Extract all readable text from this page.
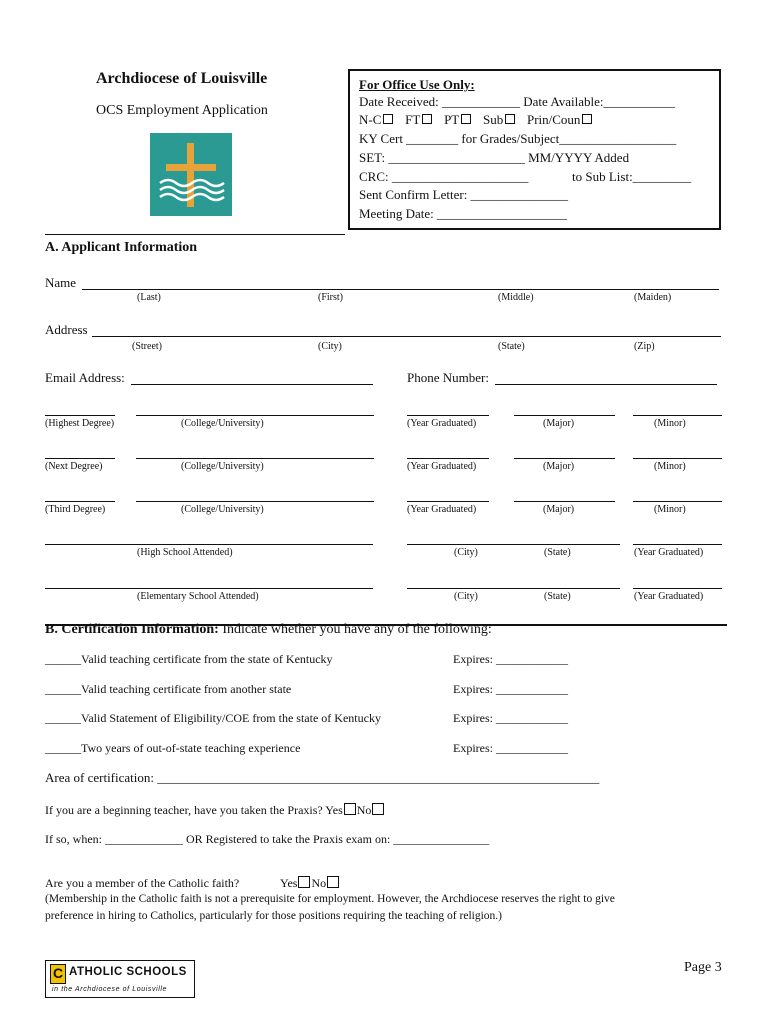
Archdiocese of Louisville
OCS Employment Application
For Office Use Only:
Date Received: ____________ Date Available:___________
N-C FT PT Sub Prin/Coun
KY Cert ________ for Grades/Subject__________________
SET: _____________________ MM/YYYY Added
CRC: _____________________	to Sub List:_________
Sent Confirm Letter: _______________
Meeting Date: ____________________
A. Applicant Information
Name
(Last)	(First)	(Middle)	(Maiden)
Address
(Street)	(City)	(State)	(Zip)
Email Address:	Phone Number:
(Highest Degree)	(College/University)	(Year Graduated)	(Major)	(Minor)
(Next Degree)	(College/University)	(Year Graduated)	(Major)	(Minor)
(Third Degree)	(College/University)	(Year Graduated)	(Major)	(Minor)
(High School Attended)	(City)	(State)	(Year Graduated)
(Elementary School Attended)	(City)	(State)	(Year Graduated)
B. Certification Information: Indicate whether you have any of the following:
______Valid teaching certificate from the state of Kentucky	Expires: ____________
______Valid teaching certificate from another state	Expires: ____________
______Valid Statement of Eligibility/COE from the state of Kentucky	Expires: ____________
______Two years of out-of-state teaching experience	Expires: ____________
Area of certification: ____________________________________________________________________
If you are a beginning teacher, have you taken the Praxis? Yes No
If so, when: _____________ OR Registered to take the Praxis exam on: ________________
Are you a member of the Catholic faith?	Yes No
(Membership in the Catholic faith is not a prerequisite for employment. However, the Archdiocese reserves the right to give
preference in hiring to Catholics, particularly for those positions requiring the teaching of religion.)
C ATHOLIC SCHOOLS
in the Archdiocese of Louisville
Page 3
